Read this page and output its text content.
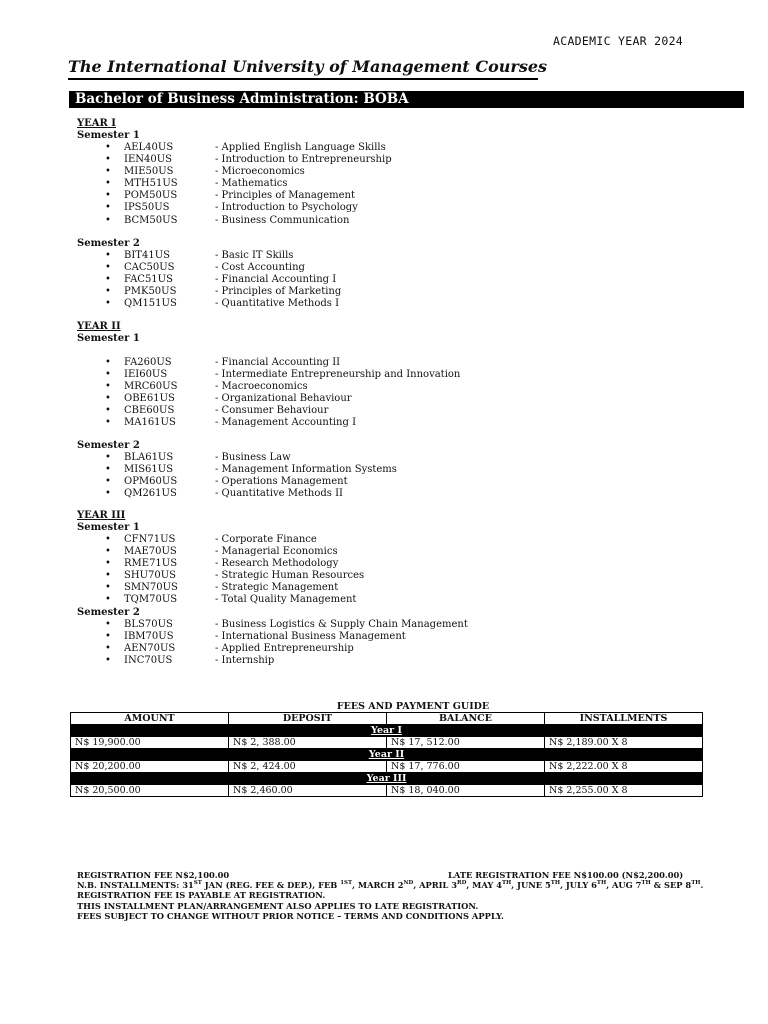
ACADEMIC YEAR 2024
The International University of Management Courses
Bachelor of Business Administration: BOBA
YEAR I
Semester 1
• AEL40US	- Applied English Language Skills
• IEN40US	- Introduction to Entrepreneurship
• MIE50US	- Microeconomics
• MTH51US	- Mathematics
• POM50US	- Principles of Management
• IPS50US	- Introduction to Psychology
• BCM50US	- Business Communication
Semester 2
• BIT41US	- Basic IT Skills
• CAC50US	- Cost Accounting
• FAC51US	- Financial Accounting I
• PMK50US	- Principles of Marketing
• QM151US	- Quantitative Methods I
YEAR II
Semester 1
• FA260US	- Financial Accounting II
• IEI60US	- Intermediate Entrepreneurship and Innovation
• MRC60US	- Macroeconomics
• OBE61US	- Organizational Behaviour
• CBE60US	- Consumer Behaviour
• MA161US	- Management Accounting I
Semester 2
• BLA61US	- Business Law
• MIS61US	- Management Information Systems
• OPM60US	- Operations Management
• QM261US	- Quantitative Methods II
YEAR III
Semester 1
• CFN71US	- Corporate Finance
• MAE70US	- Managerial Economics
• RME71US	- Research Methodology
• SHU70US	- Strategic Human Resources
• SMN70US	- Strategic Management
• TQM70US	- Total Quality Management
Semester 2
• BLS70US	- Business Logistics & Supply Chain Management
• IBM70US	- International Business Management
• AEN70US	- Applied Entrepreneurship
• INC70US	- Internship
FEES AND PAYMENT GUIDE
AMOUNT	DEPOSIT	BALANCE	INSTALLMENTS
Year I			
N$ 19,900.00	N$ 2, 388.00	N$ 17, 512.00	N$ 2,189.00 X 8
Year II			
N$ 20,200.00	N$ 2, 424.00	N$ 17, 776.00	N$ 2,222.00 X 8
Year III			
N$ 20,500.00	N$ 2,460.00	N$ 18, 040.00	N$ 2,255.00 X 8
LATE REGISTRATION FEE N$100.00 (N$2,200.00)
REGISTRATION FEE N$2,100.00
N.B. INSTALLMENTS: 31ST JAN (REG. FEE & DEP.), FEB $^{1ST}$, MARCH 2ND, APRIL 3RD, MAY 4TH, JUNE 5TH, JULY 6TH, AUG 7TH & SEP 8TH.
REGISTRATION FEE IS PAYABLE AT REGISTRATION.
THIS INSTALLMENT PLAN/ARRANGEMENT ALSO APPLIES TO LATE REGISTRATION.
FEES SUBJECT TO CHANGE WITHOUT PRIOR NOTICE – TERMS AND CONDITIONS APPLY.
